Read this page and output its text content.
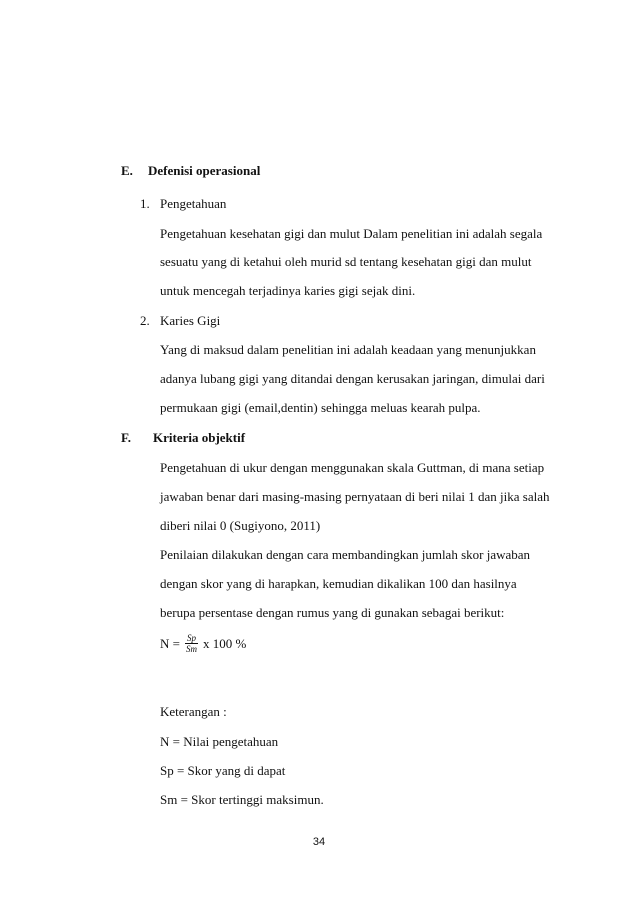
E. Defenisi operasional
1. Pengetahuan
Pengetahuan kesehatan gigi dan mulut Dalam penelitian ini adalah segala
sesuatu yang di ketahui oleh murid sd tentang kesehatan gigi dan mulut
untuk mencegah terjadinya karies gigi sejak dini.
2. Karies Gigi
Yang di maksud dalam penelitian ini adalah keadaan yang menunjukkan
adanya lubang gigi yang ditandai dengan kerusakan jaringan, dimulai dari
permukaan gigi (email,dentin) sehingga meluas kearah pulpa.
F. Kriteria objektif
Pengetahuan di ukur dengan menggunakan skala Guttman, di mana setiap
jawaban benar dari masing-masing pernyataan di beri nilai 1 dan jika salah
diberi nilai 0 (Sugiyono, 2011)
Penilaian dilakukan dengan cara membandingkan jumlah skor jawaban
dengan skor yang di harapkan, kemudian dikalikan 100 dan hasilnya
berupa persentase dengan rumus yang di gunakan sebagai berikut:
$N = \frac{Sp}{Sm}$ x 100 %
Keterangan :
N = Nilai pengetahuan
Sp = Skor yang di dapat
Sm = Skor tertinggi maksimun.
34
